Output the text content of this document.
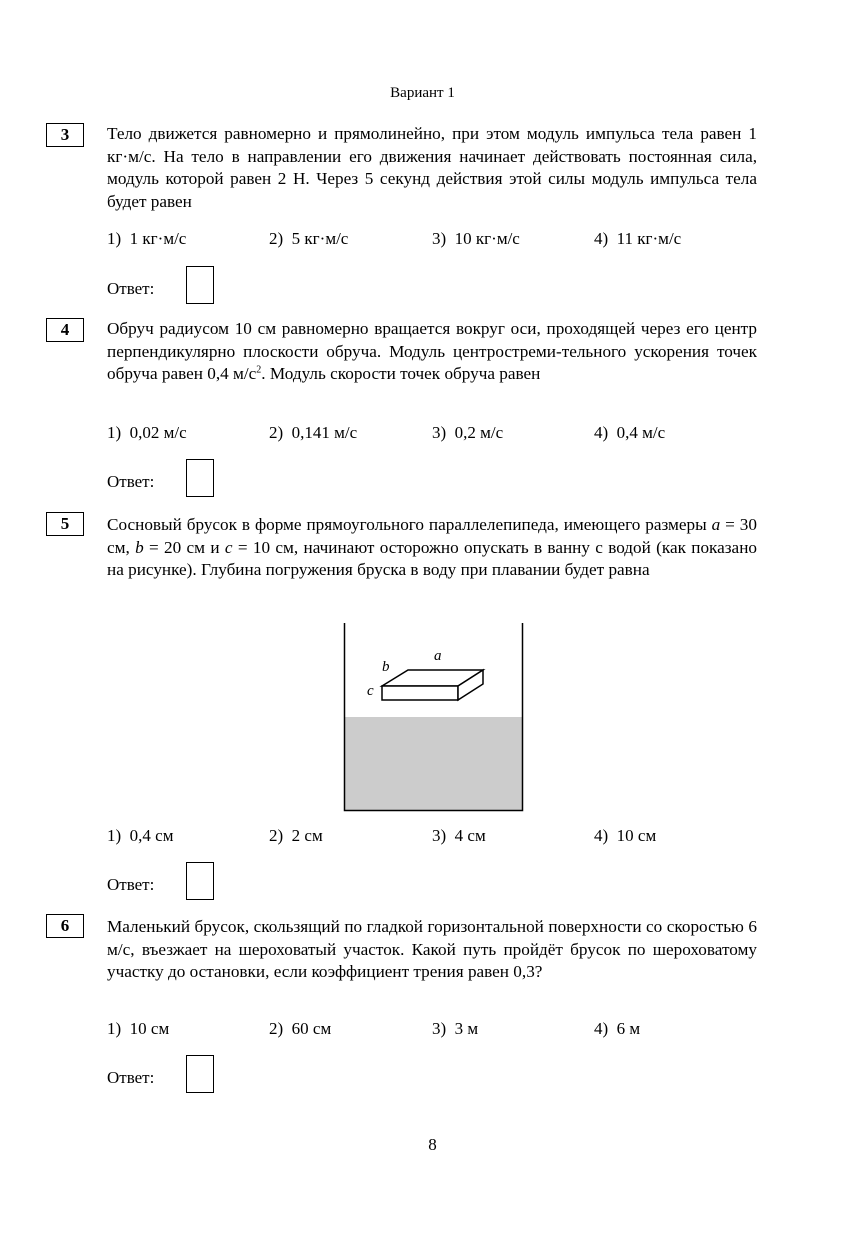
Вариант 1
3	Тело движется равномерно и прямолинейно, при этом модуль импульса тела равен 1 кг·м/с. На тело в направлении его движения начинает действовать постоянная сила, модуль которой равен 2 Н. Через 5 секунд действия этой силы модуль импульса тела будет равен
1) 1 кг·м/с	2) 5 кг·м/с	3) 10 кг·м/с	4) 11 кг·м/с
Ответ:
4	Обруч радиусом 10 см равномерно вращается вокруг оси, проходящей через его центр перпендикулярно плоскости обруча. Модуль центростреми-тельного ускорения точек обруча равен 0,4 $м/с^2$. Модуль скорости точек обруча равен
1) 0,02 м/с	2) 0,141 м/с	3) 0,2 м/с	4) 0,4 м/с
Ответ:
5	Сосновый брусок в форме прямоугольного параллелепипеда, имеющего размеры a = 30 см, b = 20 см и c = 10 см, начинают осторожно опускать в ванну с водой (как показано на рисунке). Глубина погружения бруска в воду при плавании будет равна
a
b
c
1) 0,4 см	2) 2 см	3) 4 см	4) 10 см
Ответ:
6	Маленький брусок, скользящий по гладкой горизонтальной поверхности со скоростью 6 м/с, въезжает на шероховатый участок. Какой путь пройдёт брусок по шероховатому участку до остановки, если коэффициент трения равен 0,3?
1) 10 см	2) 60 см	3) 3 м	4) 6 м
Ответ:
8
